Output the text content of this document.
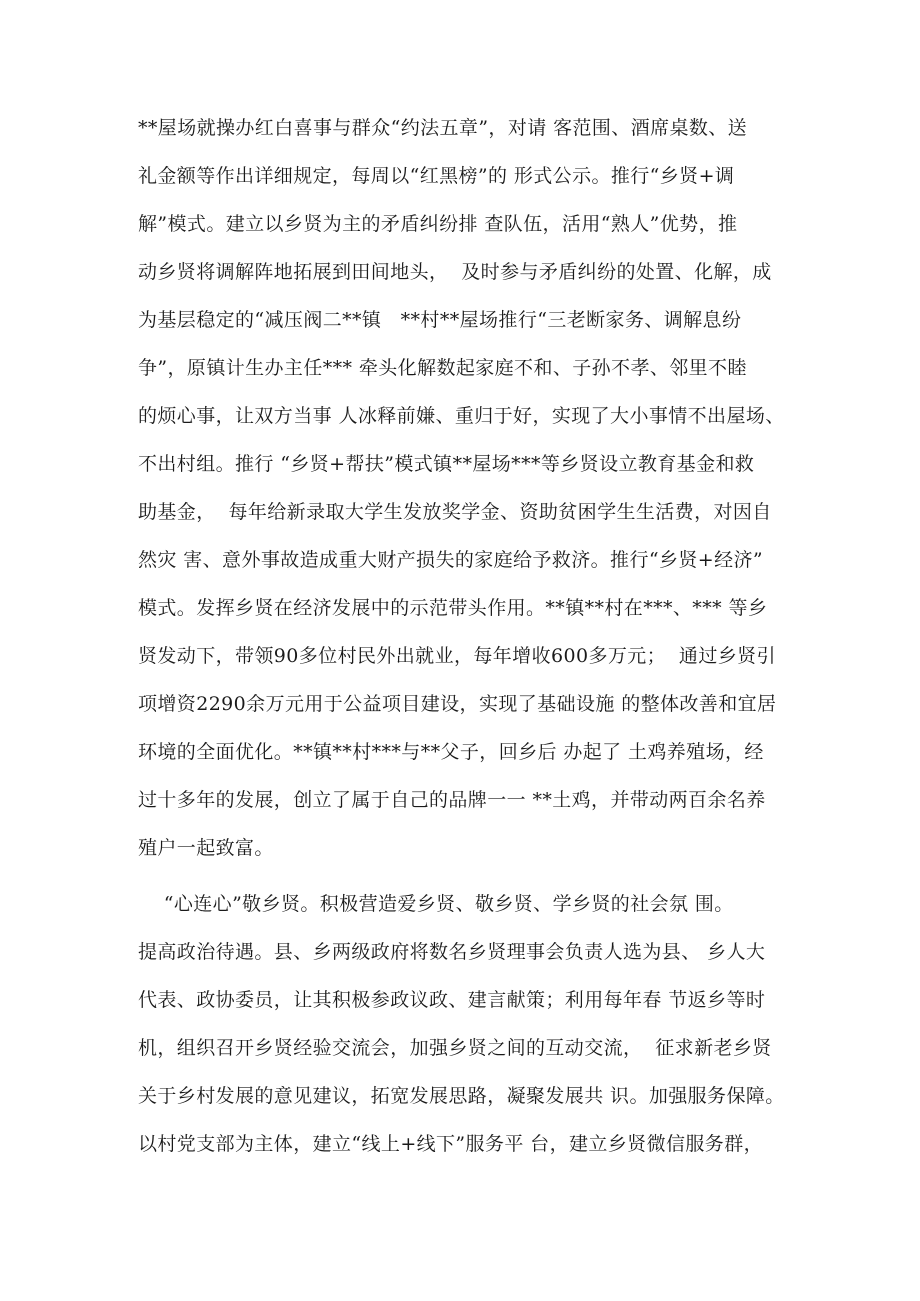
**屋场就操办红白喜事与群众“约法五章”，对请 客范围、酒席桌数、送
礼金额等作出详细规定，每周以“红黑榜”的 形式公示。推行“乡贤+调
解”模式。建立以乡贤为主的矛盾纠纷排 查队伍，活用“熟人”优势，推
动乡贤将调解阵地拓展到田间地头，  及时参与矛盾纠纷的处置、化解，成
为基层稳定的“减压阀二**镇   **村**屋场推行“三老断家务、调解息纷
争”，原镇计生办主任*** 牵头化解数起家庭不和、子孙不孝、邻里不睦
的烦心事，让双方当事 人冰释前嫌、重归于好，实现了大小事情不出屋场、
不出村组。推行 “乡贤+帮扶”模式镇**屋场***等乡贤设立教育基金和救
助基金，  每年给新录取大学生发放奖学金、资助贫困学生生活费，对因自
然灾 害、意外事故造成重大财产损失的家庭给予救济。推行“乡贤+经济”
模式。发挥乡贤在经济发展中的示范带头作用。**镇**村在***、*** 等乡
贤发动下，带领90多位村民外出就业，每年增收600多万元；  通过乡贤引
项增资2290余万元用于公益项目建设，实现了基础设施 的整体改善和宜居
环境的全面优化。**镇**村***与**父子，回乡后 办起了 土鸡养殖场，经
过十多年的发展，创立了属于自己的品牌一一 **土鸡，并带动两百余名养
殖户一起致富。
“心连心”敬乡贤。积极营造爱乡贤、敬乡贤、学乡贤的社会氛 围。
提高政治待遇。县、乡两级政府将数名乡贤理事会负责人选为县、 乡人大
代表、政协委员，让其积极参政议政、建言献策；利用每年春 节返乡等时
机，组织召开乡贤经验交流会，加强乡贤之间的互动交流，  征求新老乡贤
关于乡村发展的意见建议，拓宽发展思路，凝聚发展共 识。加强服务保障。
以村党支部为主体，建立“线上+线下”服务平 台，建立乡贤微信服务群，
